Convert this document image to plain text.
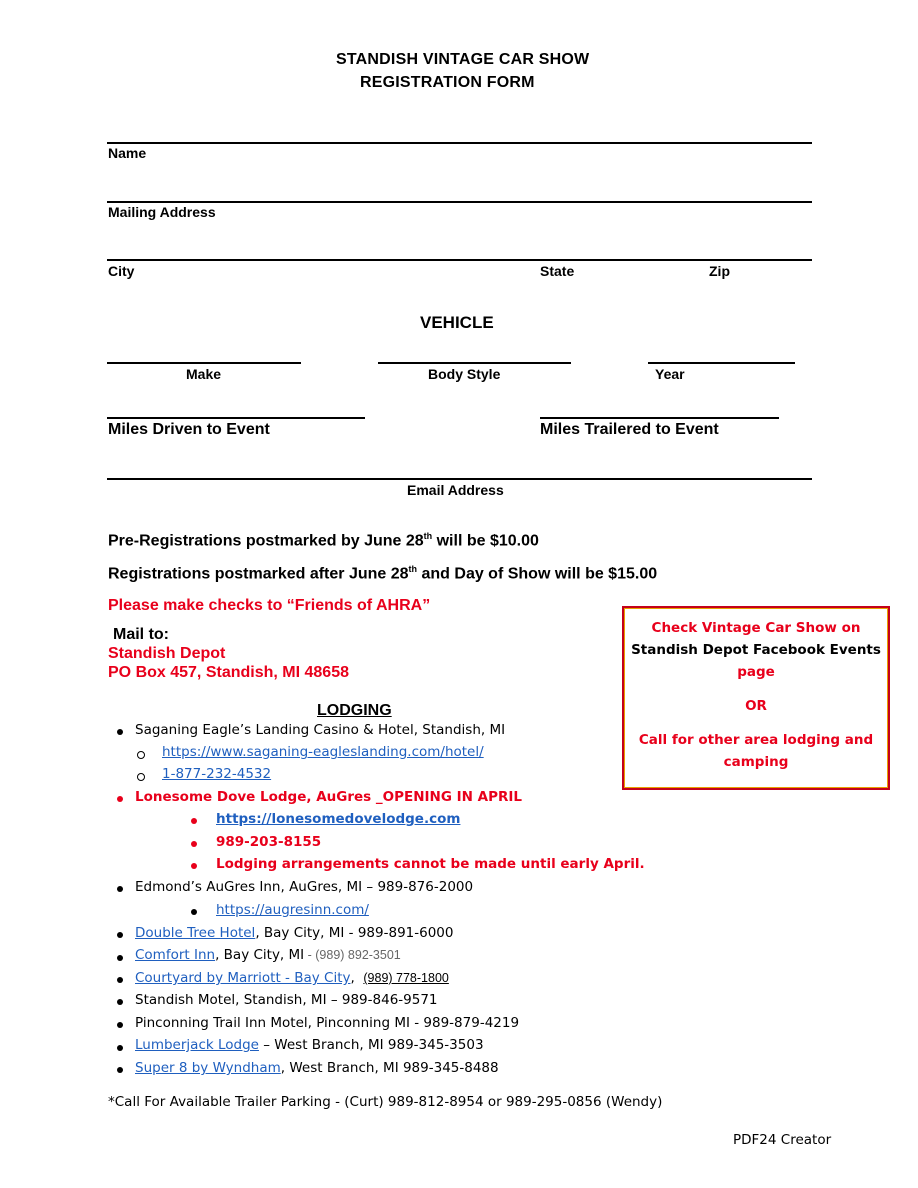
STANDISH VINTAGE CAR SHOW
REGISTRATION FORM
Name
Mailing Address
City	State	Zip
VEHICLE
Make	Body Style	Year
Miles Driven to Event	Miles Trailered to Event
Email Address
Pre-Registrations postmarked by June 28th will be $10.00
Registrations postmarked after June 28th and Day of Show will be $15.00
Please make checks to “Friends of AHRA”
Mail to:
Standish Depot
PO Box 457, Standish, MI 48658
Check Vintage Car Show on
Standish Depot Facebook Events
page
OR
Call for other area lodging and
camping
LODGING
Saganing Eagle’s Landing Casino & Hotel, Standish, MI
https://www.saganing-eagleslanding.com/hotel/
1-877-232-4532
Lonesome Dove Lodge, AuGres _OPENING IN APRIL
https://lonesomedovelodge.com
989-203-8155
Lodging arrangements cannot be made until early April.
Edmond’s AuGres Inn, AuGres, MI – 989-876-2000
https://augresinn.com/
Double Tree Hotel, Bay City, MI - 989-891-6000
Comfort Inn, Bay City, MI - (989) 892-3501
Courtyard by Marriott - Bay City, (989) 778-1800
Standish Motel, Standish, MI – 989-846-9571
Pinconning Trail Inn Motel, Pinconning MI - 989-879-4219
Lumberjack Lodge – West Branch, MI 989-345-3503
Super 8 by Wyndham, West Branch, MI 989-345-8488
*Call For Available Trailer Parking - (Curt) 989-812-8954 or 989-295-0856 (Wendy)
PDF24 Creator
